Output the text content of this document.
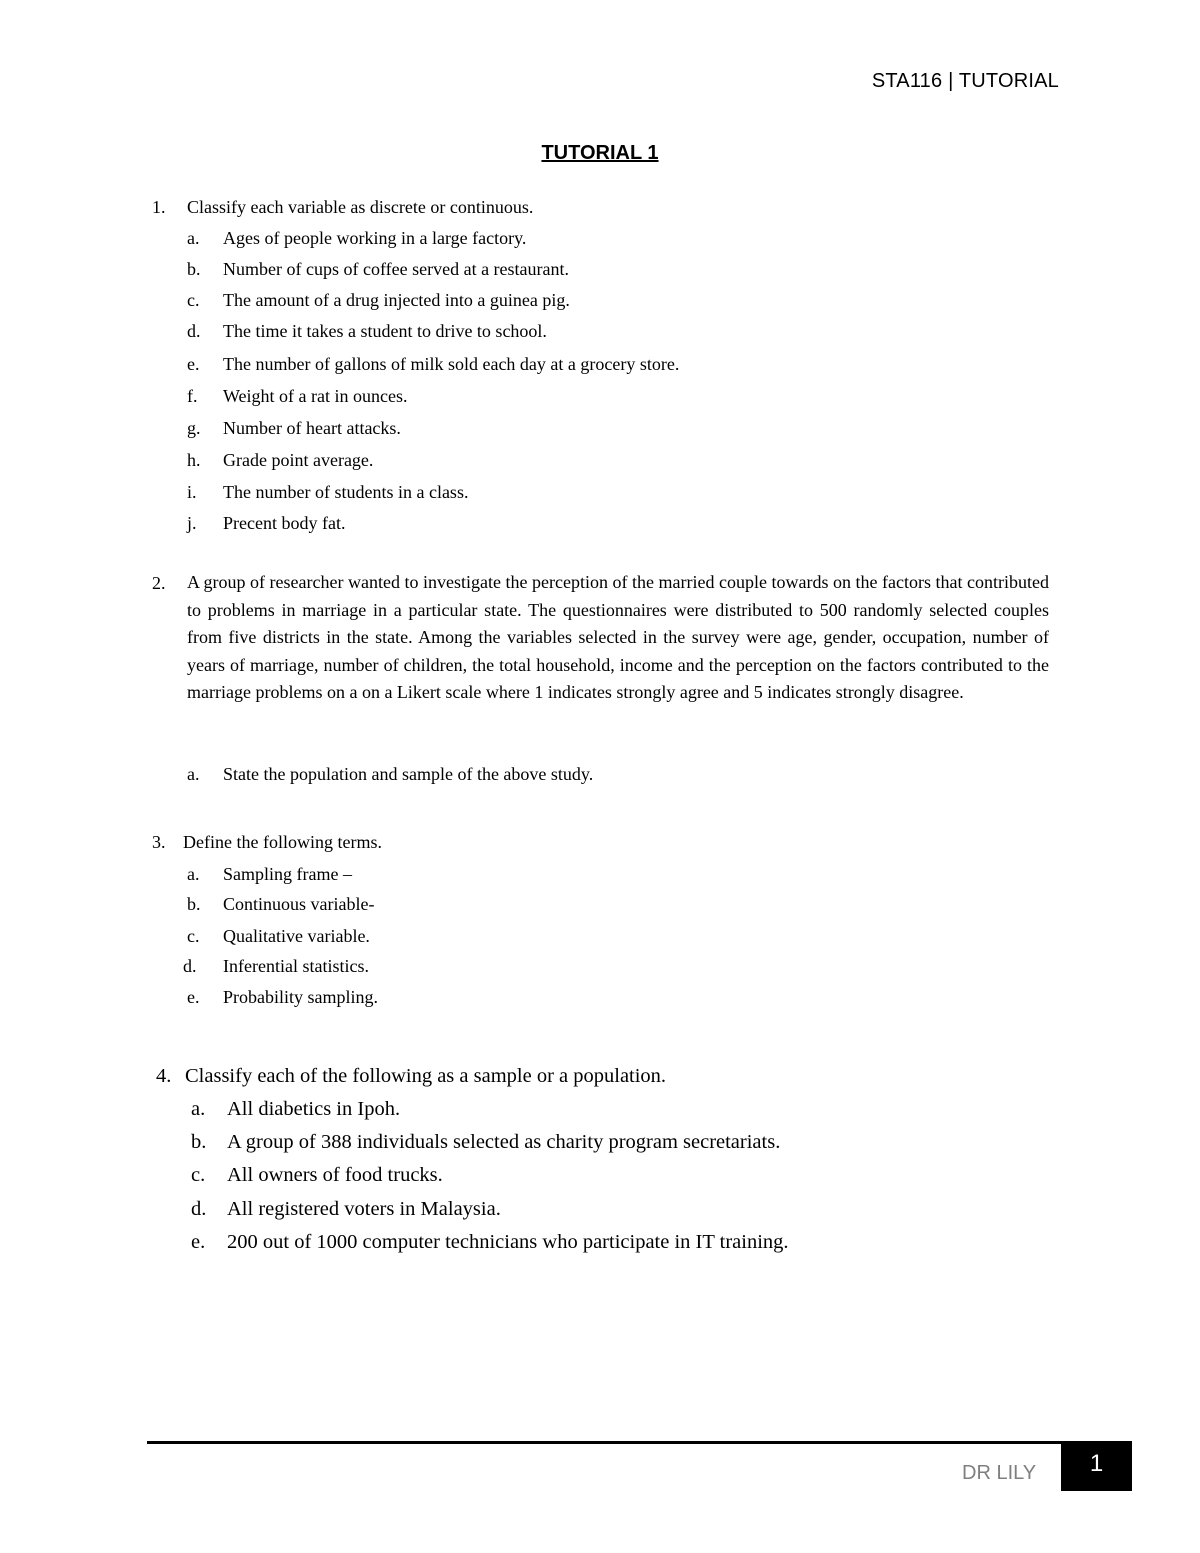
STA116 | TUTORIAL
TUTORIAL 1
1. Classify each variable as discrete or continuous.
a. Ages of people working in a large factory.
b. Number of cups of coffee served at a restaurant.
c. The amount of a drug injected into a guinea pig.
d. The time it takes a student to drive to school.
e. The number of gallons of milk sold each day at a grocery store.
f. Weight of a rat in ounces.
g. Number of heart attacks.
h. Grade point average.
i. The number of students in a class.
j. Precent body fat.
2. A group of researcher wanted to investigate the perception of the married couple towards on the factors that contributed to problems in marriage in a particular state. The questionnaires were distributed to 500 randomly selected couples from five districts in the state. Among the variables selected in the survey were age, gender, occupation, number of years of marriage, number of children, the total household, income and the perception on the factors contributed to the marriage problems on a on a Likert scale where 1 indicates strongly agree and 5 indicates strongly disagree.
a. State the population and sample of the above study.
3. Define the following terms.
a. Sampling frame –
b. Continuous variable-
c. Qualitative variable.
d. Inferential statistics.
e. Probability sampling.
4. Classify each of the following as a sample or a population.
a. All diabetics in Ipoh.
b. A group of 388 individuals selected as charity program secretariats.
c. All owners of food trucks.
d. All registered voters in Malaysia.
e. 200 out of 1000 computer technicians who participate in IT training.
DR LILY	1
